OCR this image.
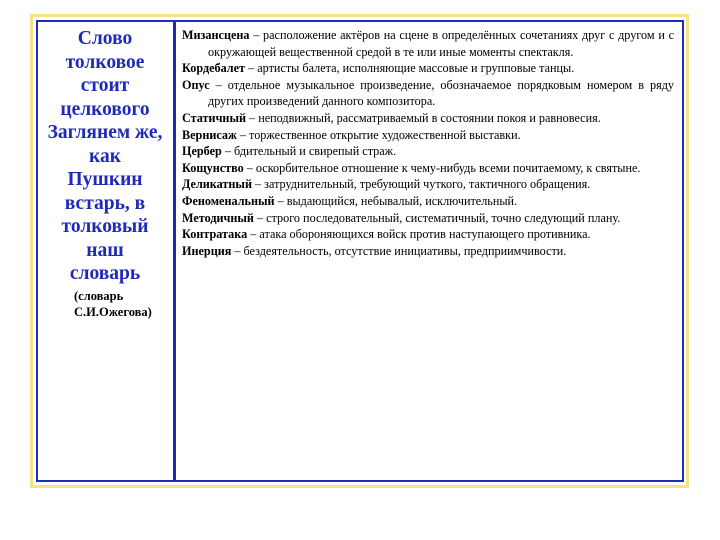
Слово
толковое
стоит
целкового
Заглянем же,
как
Пушкин
встарь, в
толковый
наш
словарь
(словарь
С.И.Ожегова)
Мизансцена – расположение актёров на сцене в определённых сочетаниях друг с другом и с окружающей вещественной средой в те или иные моменты спектакля.
Кордебалет – артисты балета, исполняющие массовые и групповые танцы.
Опус – отдельное музыкальное произведение, обозначаемое порядковым номером в ряду других произведений данного композитора.
Статичный – неподвижный, рассматриваемый в состоянии покоя и равновесия.
Вернисаж – торжественное открытие художественной выставки.
Цербер – бдительный и свирепый страж.
Кощунство – оскорбительное отношение к чему-нибудь всеми почитаемому, к святыне.
Деликатный – затруднительный, требующий чуткого, тактичного обращения.
Феноменальный – выдающийся, небывалый, исключительный.
Методичный – строго последовательный, систематичный, точно следующий плану.
Контратака – атака обороняющихся войск против наступающего противника.
Инерция – бездеятельность, отсутствие инициативы, предприимчивости.
